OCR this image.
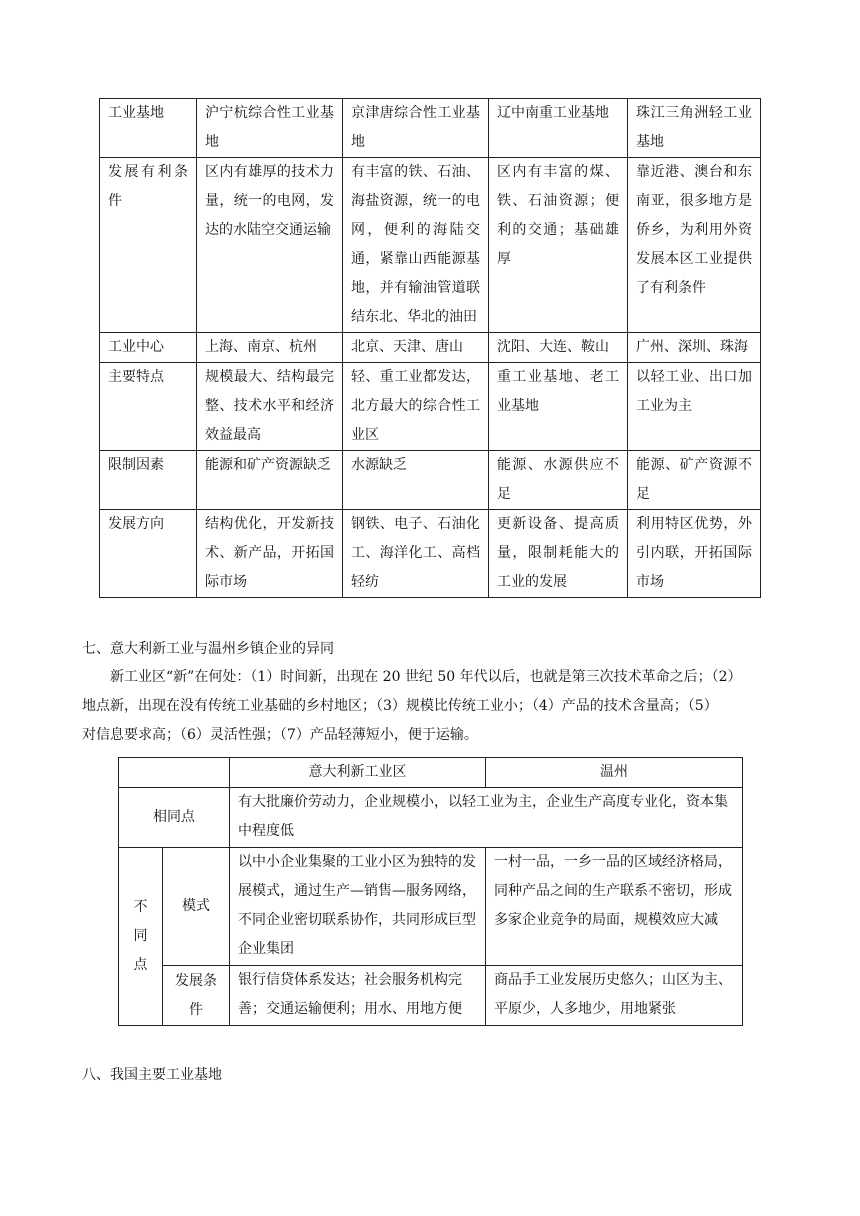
工业基地	沪宁杭综合性工业基地	京津唐综合性工业基地	辽中南重工业基地	珠江三角洲轻工业基地
发展有利条件	区内有雄厚的技术力量，统一的电网，发达的水陆空交通运输	有丰富的铁、石油、海盐资源，统一的电网，便利的海陆交通，紧靠山西能源基地，并有输油管道联结东北、华北的油田	区内有丰富的煤、铁、石油资源；便利的交通；基础雄厚	靠近港、澳台和东南亚，很多地方是侨乡，为利用外资发展本区工业提供了有利条件
工业中心	上海、南京、杭州	北京、天津、唐山	沈阳、大连、鞍山	广州、深圳、珠海
主要特点	规模最大、结构最完整、技术水平和经济效益最高	轻、重工业都发达，北方最大的综合性工业区	重工业基地、老工业基地	以轻工业、出口加工业为主
限制因素	能源和矿产资源缺乏	水源缺乏	能源、水源供应不足	能源、矿产资源不足
发展方向	结构优化，开发新技术、新产品，开拓国际市场	钢铁、电子、石油化工、海洋化工、高档轻纺	更新设备、提高质量，限制耗能大的工业的发展	利用特区优势，外引内联，开拓国际市场
七、意大利新工业与温州乡镇企业的异同
新工业区“新”在何处：（1）时间新，出现在 20 世纪 50 年代以后，也就是第三次技术革命之后；（2）
地点新，出现在没有传统工业基础的乡村地区；（3）规模比传统工业小；（4）产品的技术含量高；（5）
对信息要求高；（6）灵活性强；（7）产品轻薄短小，便于运输。
		意大利新工业区	温州
相同点		有大批廉价劳动力，企业规模小，以轻工业为主，企业生产高度专业化，资本集中程度低	

不
同
点	模式	以中小企业集聚的工业小区为独特的发展模式，通过生产—销售—服务网络，不同企业密切联系协作，共同形成巨型企业集团	一村一品，一乡一品的区域经济格局，同种产品之间的生产联系不密切，形成多家企业竞争的局面，规模效应大减
	发展条件	银行信贷体系发达；社会服务机构完善；交通运输便利；用水、用地方便	商品手工业发展历史悠久；山区为主、平原少，人多地少，用地紧张
八、我国主要工业基地
